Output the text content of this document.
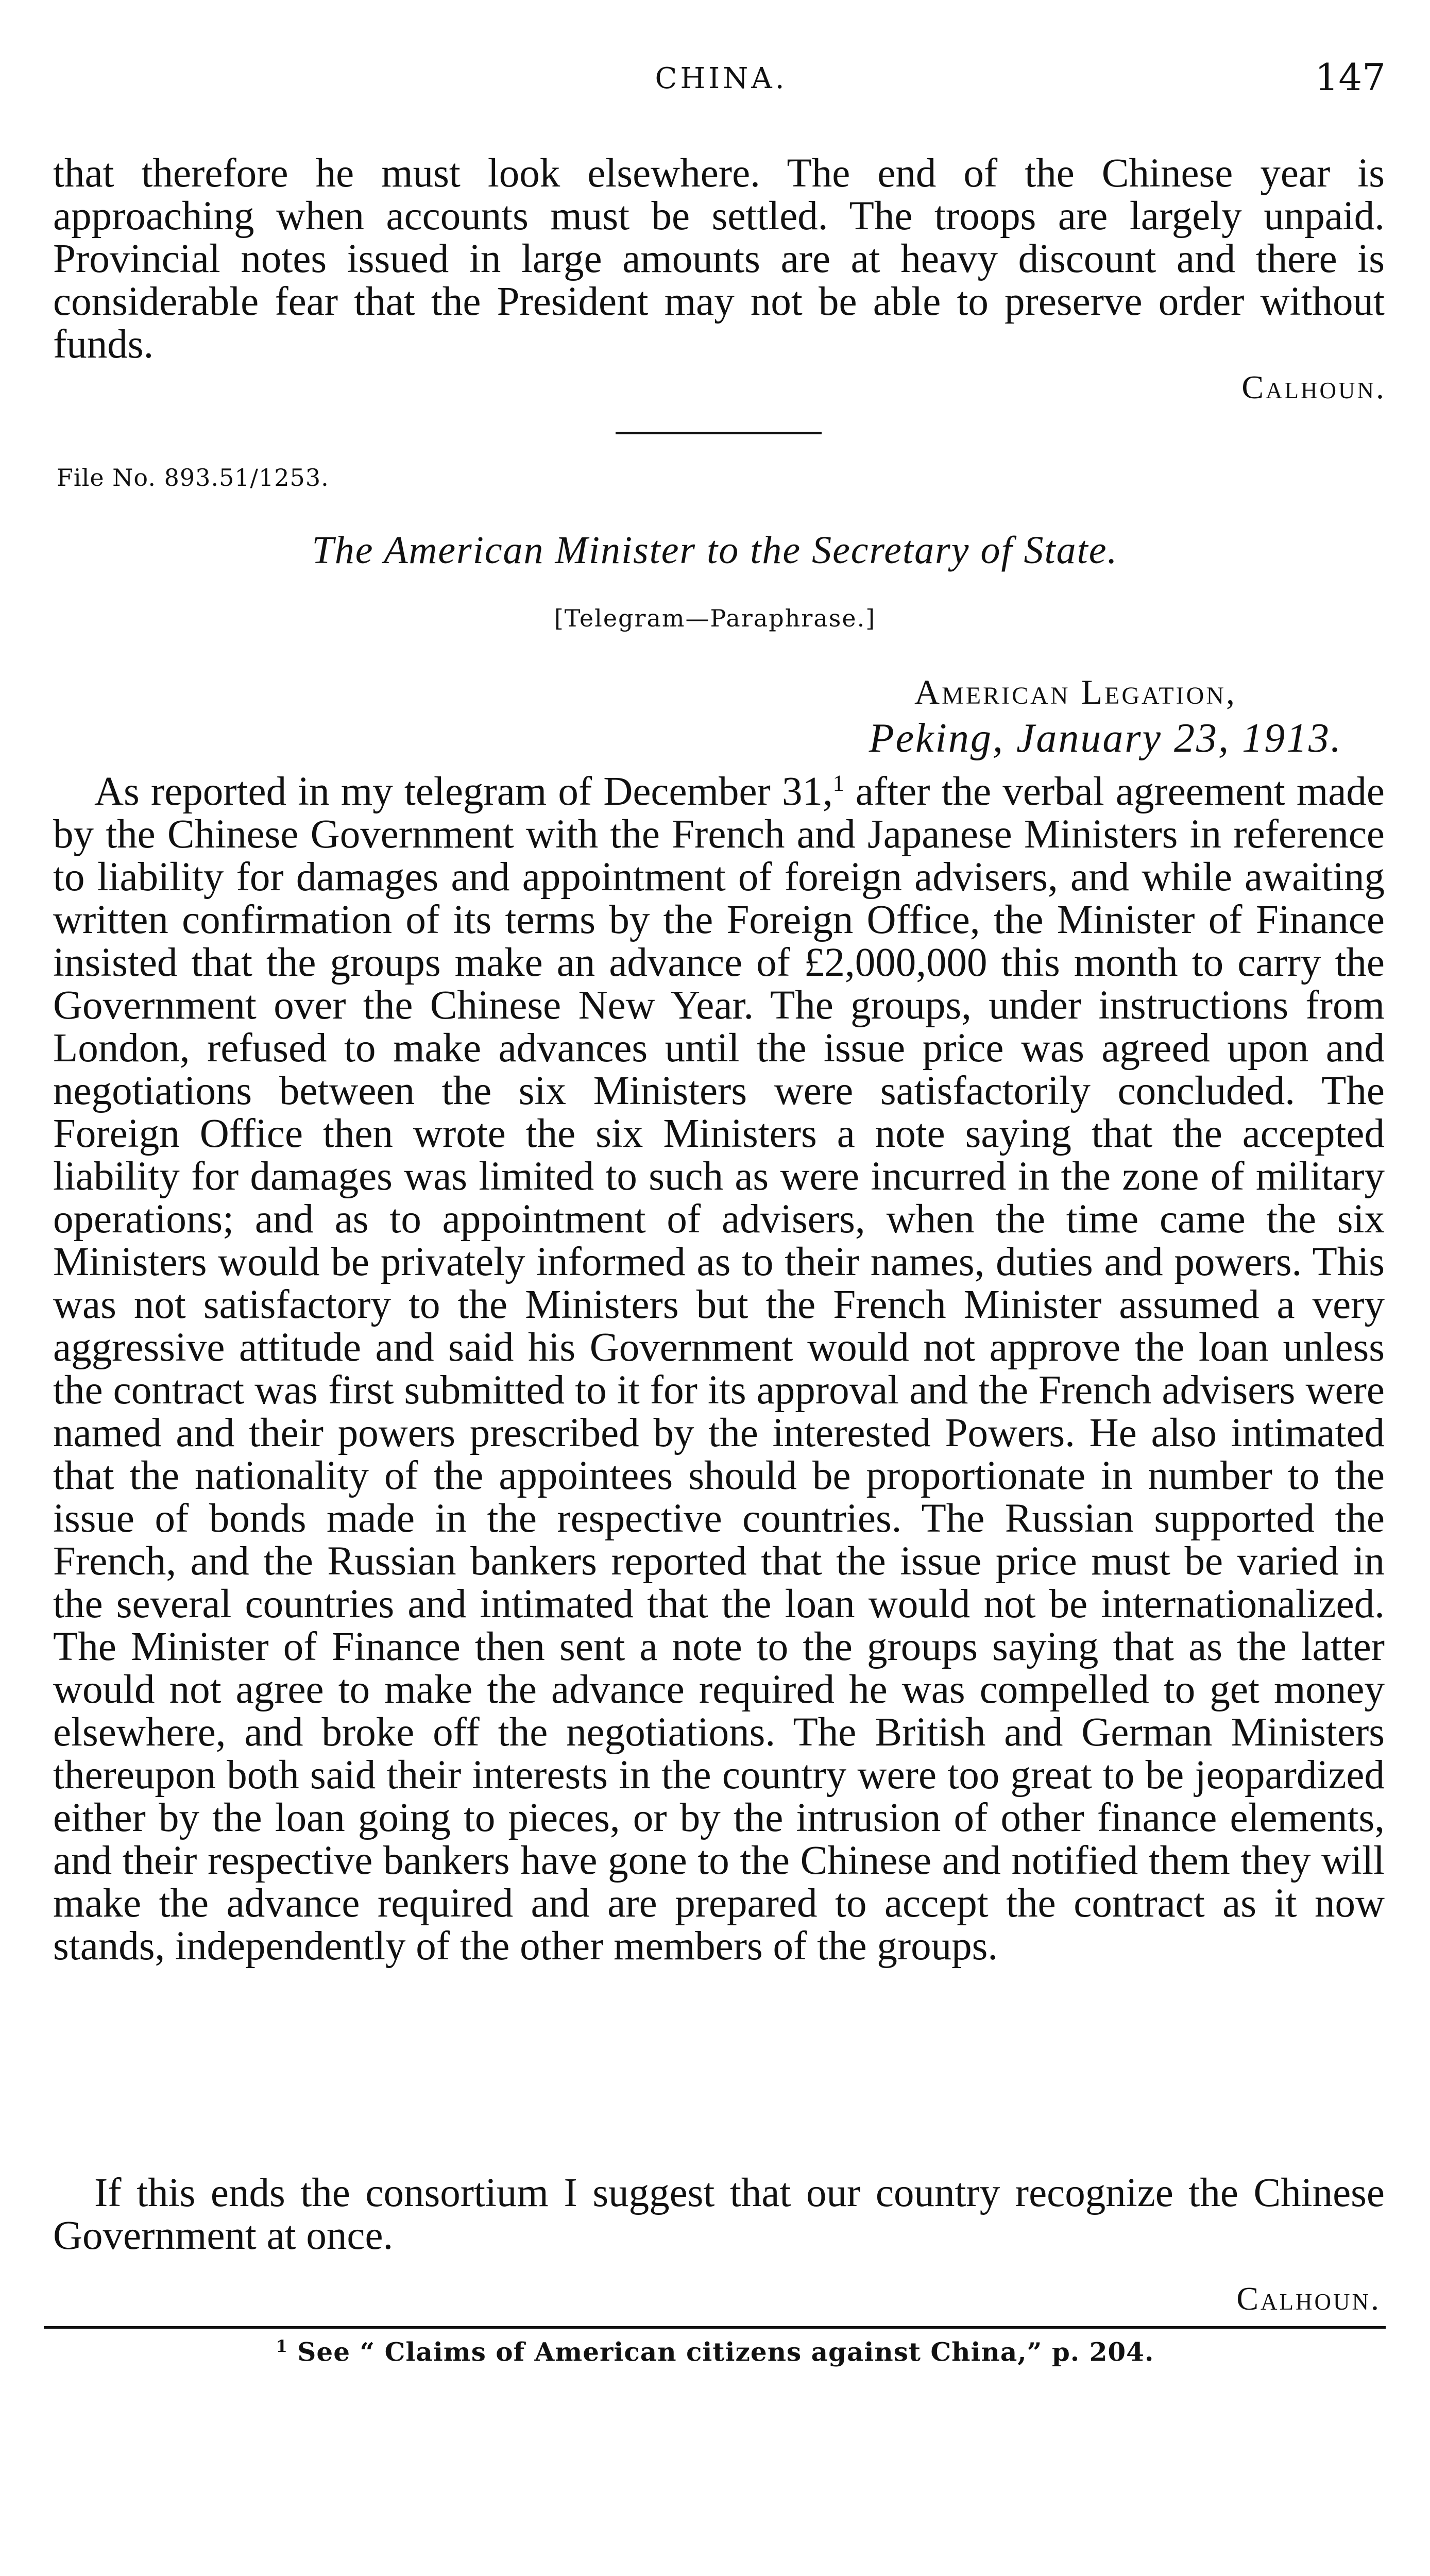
CHINA.	147

that therefore he must look elsewhere. The end of the Chinese year is approaching when accounts must be settled. The troops are largely unpaid. Provincial notes issued in large amounts are at heavy discount and there is considerable fear that the President may not be able to preserve order without funds.

Calhoun.
File No. 893.51/1253.
The American Minister to the Secretary of State.
[Telegram—Paraphrase.]
American Legation,
Peking, January 23, 1913.

As reported in my telegram of December 31,$^1$ after the verbal agreement made by the Chinese Government with the French and Japanese Ministers in reference to liability for damages and appointment of foreign advisers, and while awaiting written confirmation of its terms by the Foreign Office, the Minister of Finance insisted that the groups make an advance of £2,000,000 this month to carry the Government over the Chinese New Year. The groups, under instructions from London, refused to make advances until the issue price was agreed upon and negotiations between the six Ministers were satisfactorily concluded. The Foreign Office then wrote the six Ministers a note saying that the accepted liability for damages was limited to such as were incurred in the zone of military operations; and as to appointment of advisers, when the time came the six Ministers would be privately informed as to their names, duties and powers. This was not satisfactory to the Ministers but the French Minister assumed a very aggressive attitude and said his Government would not approve the loan unless the contract was first submitted to it for its approval and the French advisers were named and their powers prescribed by the interested Powers. He also intimated that the nationality of the appointees should be proportionate in number to the issue of bonds made in the respective countries. The Russian supported the French, and the Russian bankers reported that the issue price must be varied in the several countries and intimated that the loan would not be internationalized. The Minister of Finance then sent a note to the groups saying that as the latter would not agree to make the advance required he was compelled to get money elsewhere, and broke off the negotiations. The British and German Ministers thereupon both said their interests in the country were too great to be jeopardized either by the loan going to pieces, or by the intrusion of other finance elements, and their respective bankers have gone to the Chinese and notified them they will make the advance required and are prepared to accept the contract as it now stands, independently of the other members of the groups.

If this ends the consortium I suggest that our country recognize the Chinese Government at once.

Calhoun.
$^1$ See “ Claims of American citizens against China,” p. 204.
